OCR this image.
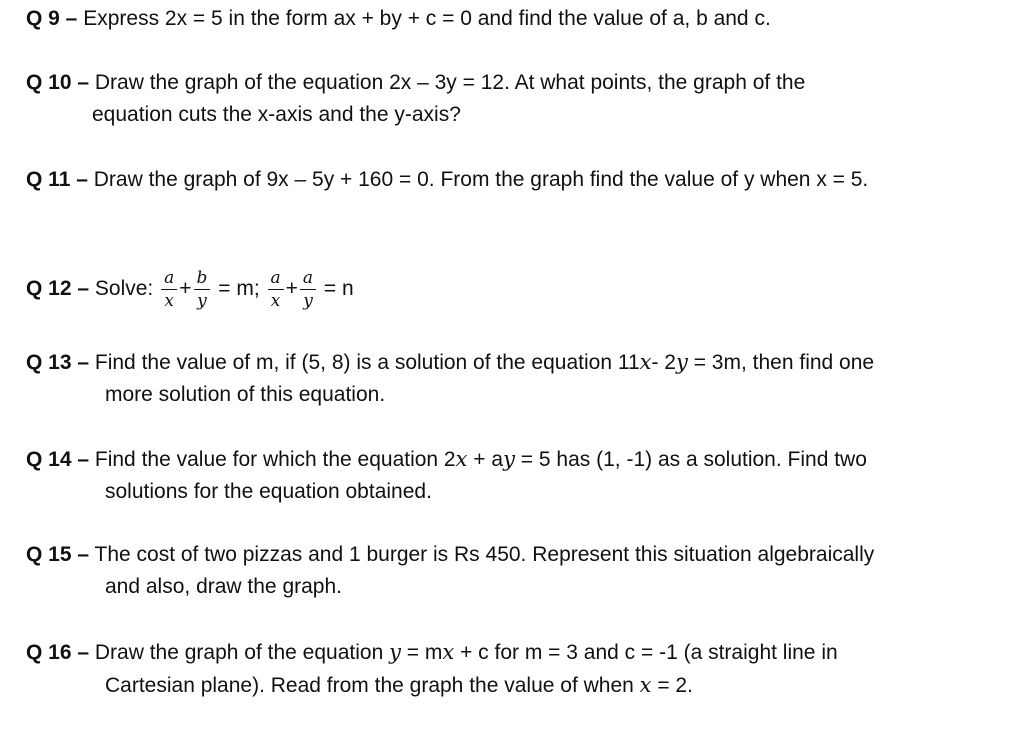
Q 9 – Express 2x = 5 in the form ax + by + c = 0 and find the value of a, b and c.
Q 10 – Draw the graph of the equation 2x – 3y = 12. At what points, the graph of the
equation cuts the x-axis and the y-axis?
Q 11 – Draw the graph of 9x – 5y + 160 = 0. From the graph find the value of y when x = 5.
Q 12 – Solve: $\frac{a}{x} + \frac{b}{y} = m$; $\frac{a}{x} + \frac{a}{y} = n$
Q 13 – Find the value of m, if (5, 8) is a solution of the equation 11x- 2y = 3m, then find one
more solution of this equation.
Q 14 – Find the value for which the equation 2x + ay = 5 has (1, -1) as a solution. Find two
solutions for the equation obtained.
Q 15 – The cost of two pizzas and 1 burger is Rs 450. Represent this situation algebraically
and also, draw the graph.
Q 16 – Draw the graph of the equation y = mx + c for m = 3 and c = -1 (a straight line in
Cartesian plane). Read from the graph the value of when x = 2.
